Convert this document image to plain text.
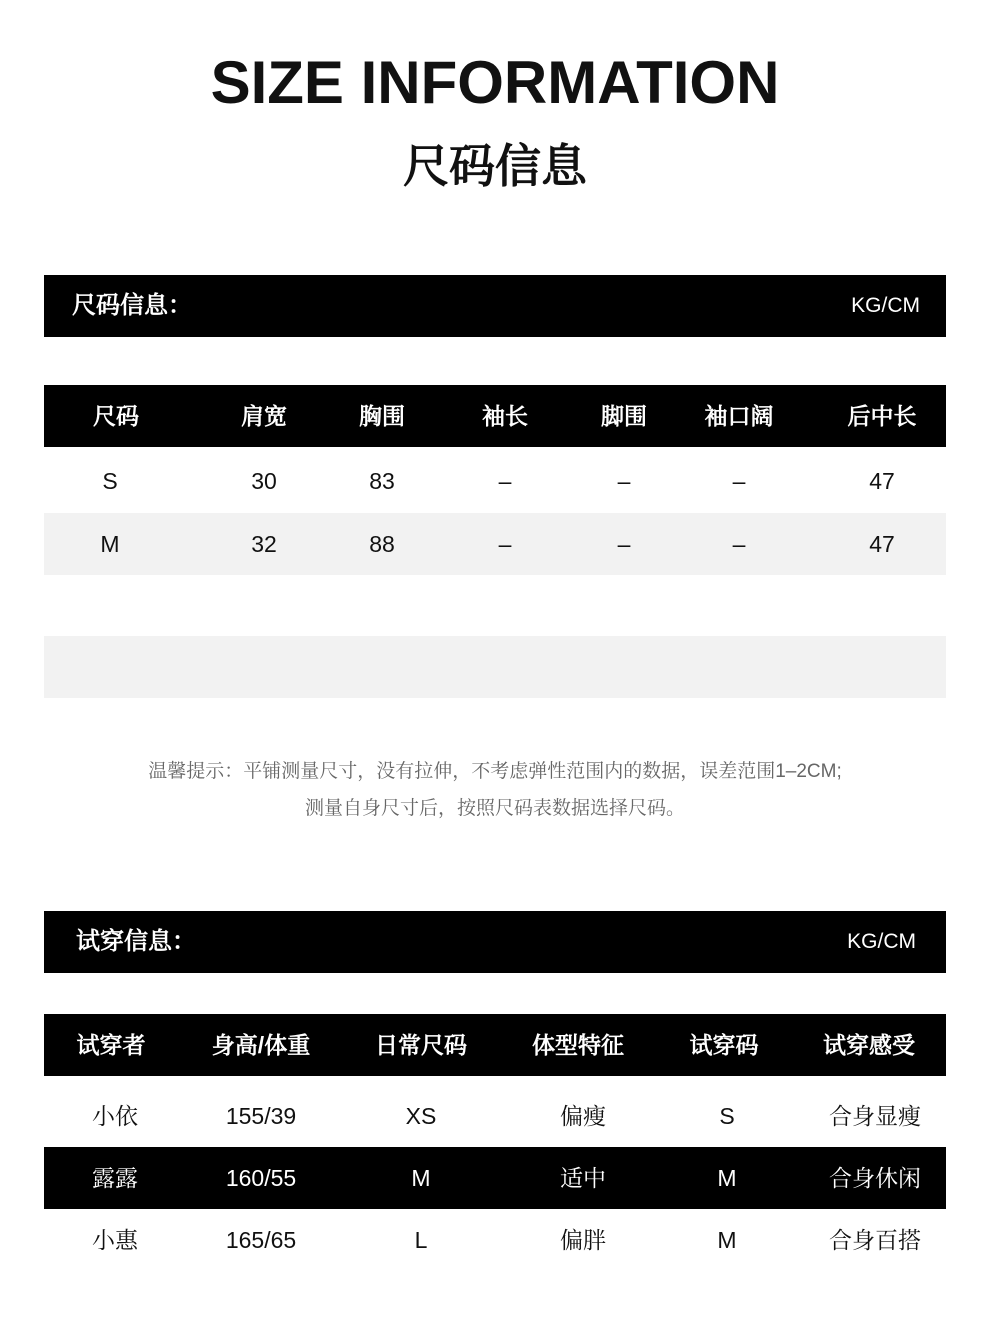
SIZE INFORMATION
尺码信息
尺码信息：	KG/CM
尺码	肩宽	胸围	袖长	脚围	袖口阔	后中长
S	30	83	–	–	–	47
M	32	88	–	–	–	47
温馨提示：平铺测量尺寸，没有拉伸，不考虑弹性范围内的数据，误差范围1–2CM;
测量自身尺寸后，按照尺码表数据选择尺码。
试穿信息：	KG/CM
试穿者	身高/体重	日常尺码	体型特征	试穿码	试穿感受
小依	155/39	XS	偏瘦	S	合身显瘦
露露	160/55	M	适中	M	合身休闲
小惠	165/65	L	偏胖	M	合身百搭
